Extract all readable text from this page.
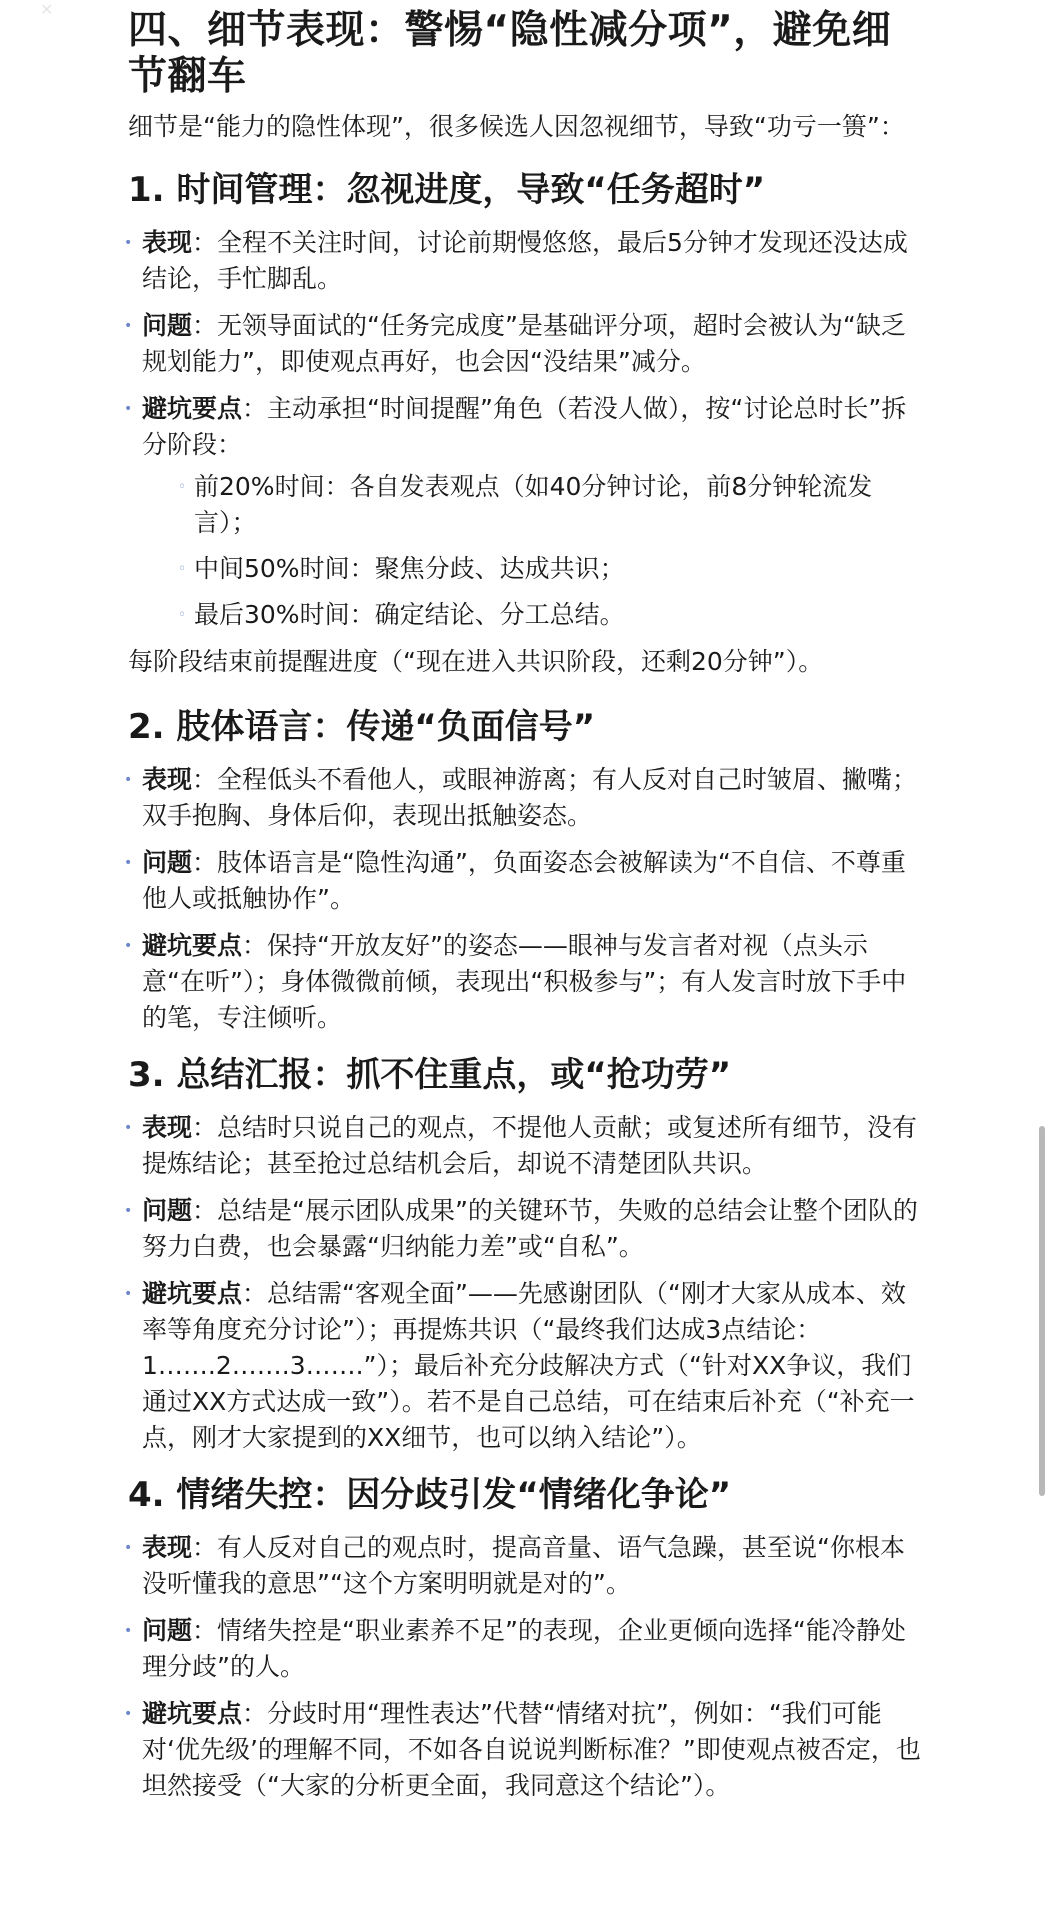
✕	四、细节表现：警惕“隐性减分项”，避免细节翻车

细节是“能力的隐性体现”，很多候选人因忽视细节，导致“功亏一篑”：

1. 时间管理：忽视进度，导致“任务超时”
• 表现：全程不关注时间，讨论前期慢悠悠，最后5分钟才发现还没达成结论，手忙脚乱。
• 问题：无领导面试的“任务完成度”是基础评分项，超时会被认为“缺乏规划能力”，即使观点再好，也会因“没结果”减分。
• 避坑要点：主动承担“时间提醒”角色（若没人做），按“讨论总时长”拆分阶段：
◦ 前20%时间：各自发表观点（如40分钟讨论，前8分钟轮流发言）；
◦ 中间50%时间：聚焦分歧、达成共识；
◦ 最后30%时间：确定结论、分工总结。

每阶段结束前提醒进度（“现在进入共识阶段，还剩20分钟”）。

2. 肢体语言：传递“负面信号”
• 表现：全程低头不看他人，或眼神游离；有人反对自己时皱眉、撇嘴；双手抱胸、身体后仰，表现出抵触姿态。
• 问题：肢体语言是“隐性沟通”，负面姿态会被解读为“不自信、不尊重他人或抵触协作”。
• 避坑要点：保持“开放友好”的姿态——眼神与发言者对视（点头示意“在听”）；身体微微前倾，表现出“积极参与”；有人发言时放下手中的笔，专注倾听。
3. 总结汇报：抓不住重点，或“抢功劳”
• 表现：总结时只说自己的观点，不提他人贡献；或复述所有细节，没有提炼结论；甚至抢过总结机会后，却说不清楚团队共识。
• 问题：总结是“展示团队成果”的关键环节，失败的总结会让整个团队的努力白费，也会暴露“归纳能力差”或“自私”。
• 避坑要点：总结需“客观全面”——先感谢团队（“刚才大家从成本、效率等角度充分讨论”）；再提炼共识（“最终我们达成3点结论：1…….2…….3…….”）；最后补充分歧解决方式（“针对XX争议，我们通过XX方式达成一致”）。若不是自己总结，可在结束后补充（“补充一点，刚才大家提到的XX细节，也可以纳入结论”）。
4. 情绪失控：因分歧引发“情绪化争论”
• 表现：有人反对自己的观点时，提高音量、语气急躁，甚至说“你根本没听懂我的意思”“这个方案明明就是对的”。
• 问题：情绪失控是“职业素养不足”的表现，企业更倾向选择“能冷静处理分歧”的人。
• 避坑要点：分歧时用“理性表达”代替“情绪对抗”，例如：“我们可能对‘优先级’的理解不同，不如各自说说判断标准？”即使观点被否定，也坦然接受（“大家的分析更全面，我同意这个结论”）。
